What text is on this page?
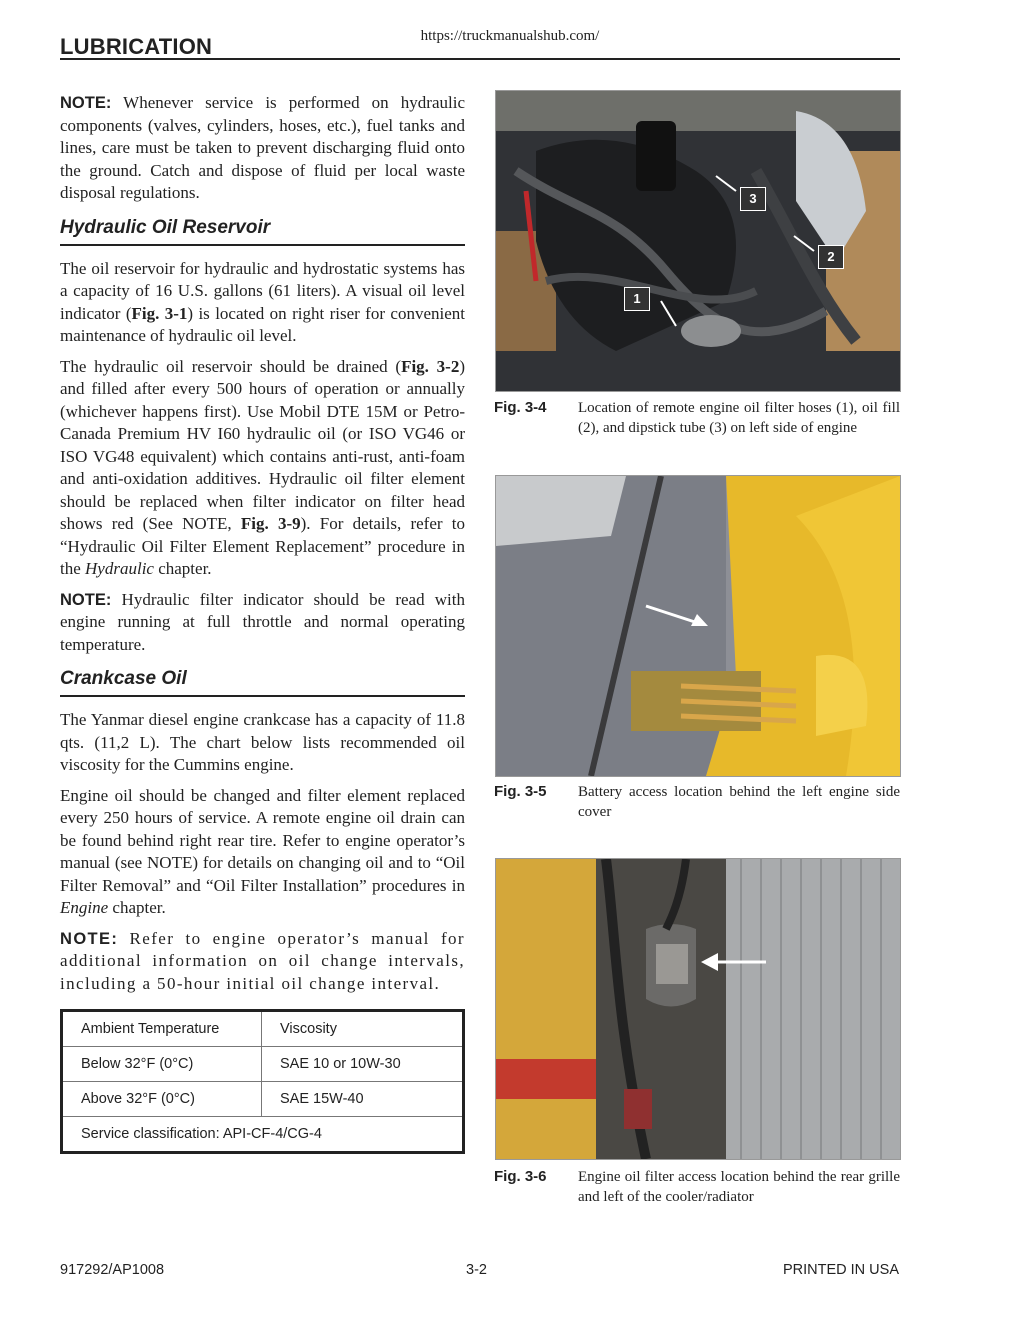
https://truckmanualshub.com/
LUBRICATION

NOTE: Whenever service is performed on hydraulic components (valves, cylinders, hoses, etc.), fuel tanks and lines, care must be taken to prevent discharging fluid onto the ground. Catch and dispose of fluid per local waste disposal regulations.

Hydraulic Oil Reservoir

The oil reservoir for hydraulic and hydrostatic systems has a capacity of 16 U.S. gallons (61 liters). A visual oil level indicator (Fig. 3-1) is located on right riser for convenient maintenance of hydraulic oil level.

The hydraulic oil reservoir should be drained (Fig. 3-2) and filled after every 500 hours of operation or annually (whichever happens first). Use Mobil DTE 15M or Petro-Canada Premium HV I60 hydraulic oil (or ISO VG46 or ISO VG48 equivalent) which contains anti-rust, anti-foam and anti-oxidation additives. Hydraulic oil filter element should be replaced when filter indicator on filter head shows red (See NOTE, Fig. 3-9). For details, refer to “Hydraulic Oil Filter Element Replacement” procedure in the Hydraulic chapter.

NOTE: Hydraulic filter indicator should be read with engine running at full throttle and normal operating temperature.

Crankcase Oil

The Yanmar diesel engine crankcase has a capacity of 11.8 qts. (11,2 L). The chart below lists recommended oil viscosity for the Cummins engine.

Engine oil should be changed and filter element replaced every 250 hours of service. A remote engine oil drain can be found behind right rear tire. Refer to engine operator’s manual (see NOTE) for details on changing oil and to “Oil Filter Removal” and “Oil Filter Installation” procedures in Engine chapter.

NOTE: Refer to engine operator’s manual for additional information on oil change intervals, including a 50-hour initial oil change interval.

Ambient Temperature	Viscosity
Below 32°F (0°C)	SAE 10 or 10W-30
Above 32°F (0°C)	SAE 15W-40
Service classification: API-CF-4/CG-4
3
2
1
Fig. 3-4	Location of remote engine oil filter hoses (1), oil fill (2), and dipstick tube (3) on left side of engine
Fig. 3-5	Battery access location behind the left engine side cover
Fig. 3-6	Engine oil filter access location behind the rear grille and left of the cooler/radiator
917292/AP1008	3-2	PRINTED IN USA
